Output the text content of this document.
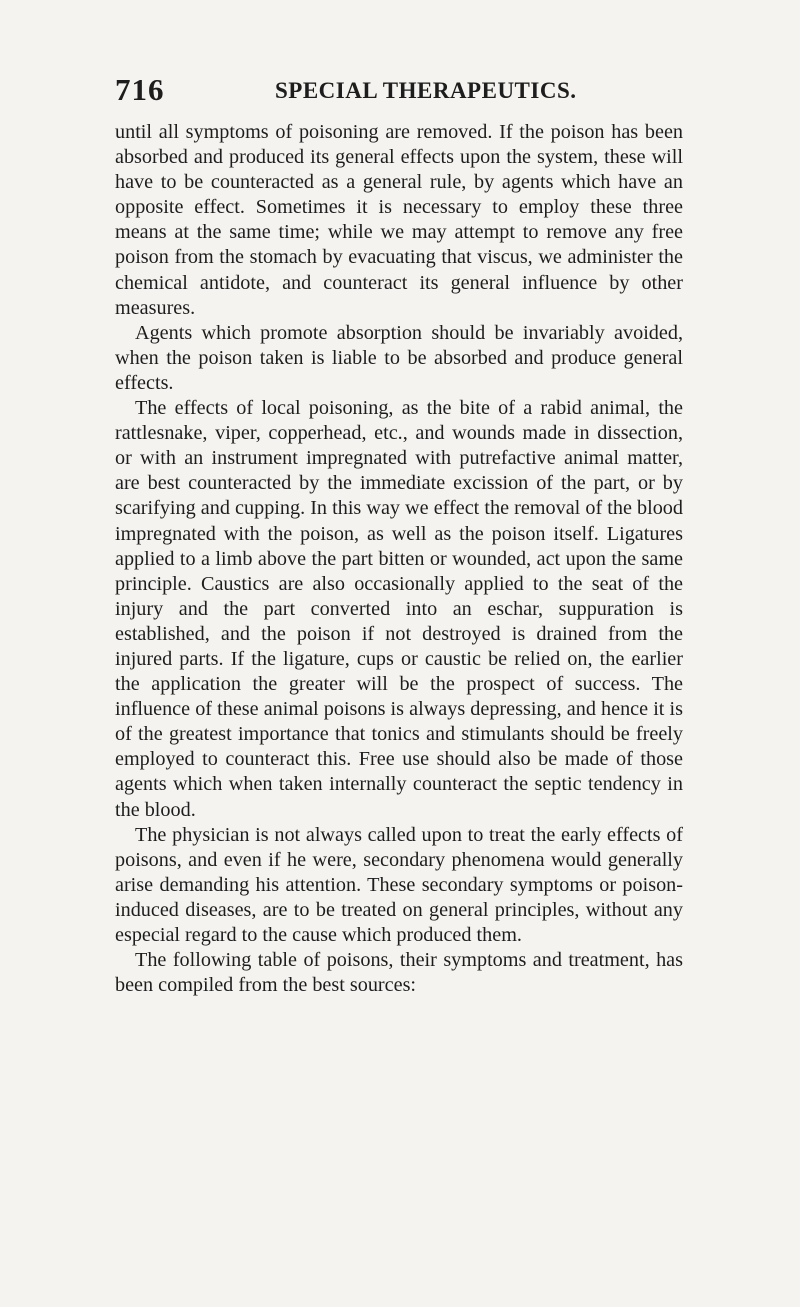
716	SPECIAL THERAPEUTICS.

until all symptoms of poisoning are removed. If the poison has been absorbed and produced its general effects upon the system, these will have to be counteracted as a general rule, by agents which have an opposite effect. Sometimes it is necessary to employ these three means at the same time; while we may attempt to remove any free poison from the stomach by evacuating that viscus, we administer the chemical antidote, and counteract its general influence by other measures.

Agents which promote absorption should be invariably avoided, when the poison taken is liable to be absorbed and produce general effects.

The effects of local poisoning, as the bite of a rabid animal, the rattlesnake, viper, copperhead, etc., and wounds made in dissection, or with an instrument impregnated with putrefactive animal matter, are best counteracted by the immediate excission of the part, or by scarifying and cupping. In this way we effect the removal of the blood impregnated with the poison, as well as the poison itself. Ligatures applied to a limb above the part bitten or wounded, act upon the same principle. Caustics are also occasionally applied to the seat of the injury and the part converted into an eschar, suppuration is established, and the poison if not destroyed is drained from the injured parts. If the ligature, cups or caustic be relied on, the earlier the application the greater will be the prospect of success. The influence of these animal poisons is always depressing, and hence it is of the greatest importance that tonics and stimulants should be freely employed to counteract this. Free use should also be made of those agents which when taken internally counteract the septic tendency in the blood.

The physician is not always called upon to treat the early effects of poisons, and even if he were, secondary phenomena would generally arise demanding his attention. These secondary symptoms or poison-induced diseases, are to be treated on general principles, without any especial regard to the cause which produced them.

The following table of poisons, their symptoms and treatment, has been compiled from the best sources:
